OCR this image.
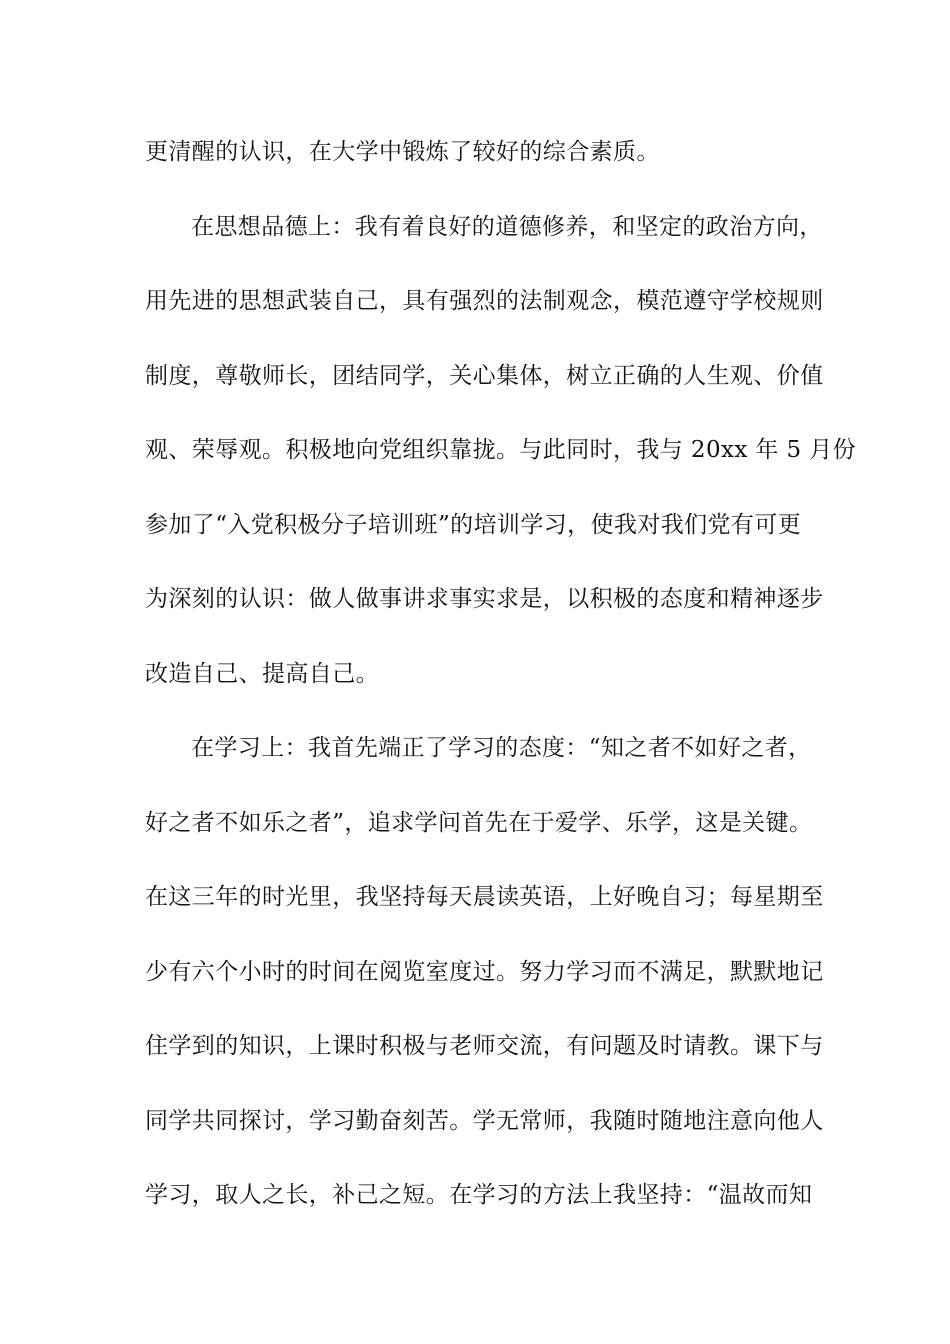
更清醒的认识，在大学中锻炼了较好的综合素质。
在思想品德上：我有着良好的道德修养，和坚定的政治方向，
用先进的思想武装自己，具有强烈的法制观念，模范遵守学校规则
制度，尊敬师长，团结同学，关心集体，树立正确的人生观、价值
观、荣辱观。积极地向党组织靠拢。与此同时，我与 20xx 年 5 月份
参加了“入党积极分子培训班”的培训学习，使我对我们党有可更
为深刻的认识：做人做事讲求事实求是，以积极的态度和精神逐步
改造自己、提高自己。
在学习上：我首先端正了学习的态度：“知之者不如好之者，
好之者不如乐之者”，追求学问首先在于爱学、乐学，这是关键。
在这三年的时光里，我坚持每天晨读英语，上好晚自习；每星期至
少有六个小时的时间在阅览室度过。努力学习而不满足，默默地记
住学到的知识，上课时积极与老师交流，有问题及时请教。课下与
同学共同探讨，学习勤奋刻苦。学无常师，我随时随地注意向他人
学习，取人之长，补己之短。在学习的方法上我坚持：“温故而知
